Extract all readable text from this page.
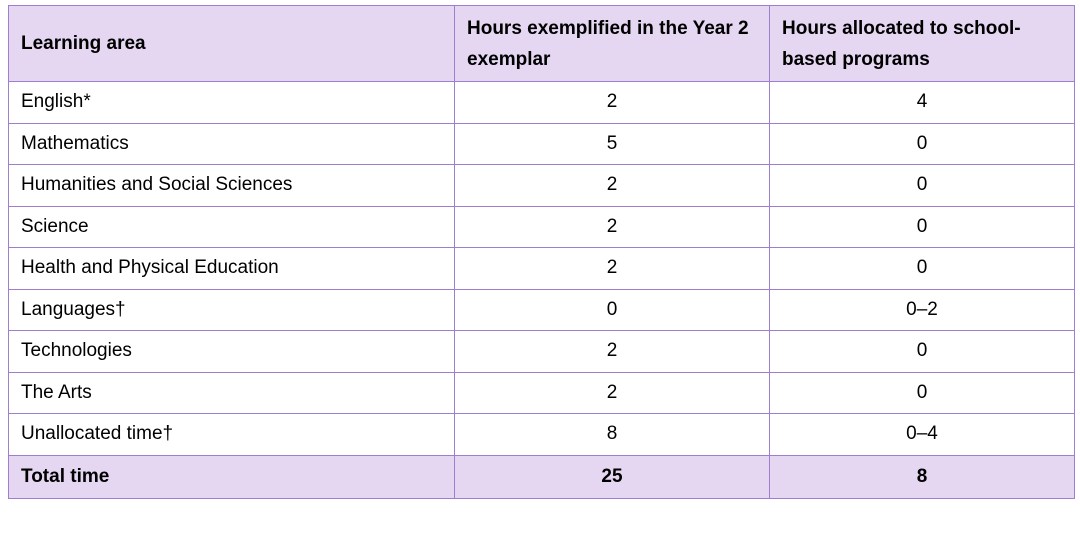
Learning area	Hours exemplified in the Year 2 exemplar	Hours allocated to school-based programs
English*	2	4
Mathematics	5	0
Humanities and Social Sciences	2	0
Science	2	0
Health and Physical Education	2	0
Languages†	0	0–2
Technologies	2	0
The Arts	2	0
Unallocated time†	8	0–4
Total time	25	8
